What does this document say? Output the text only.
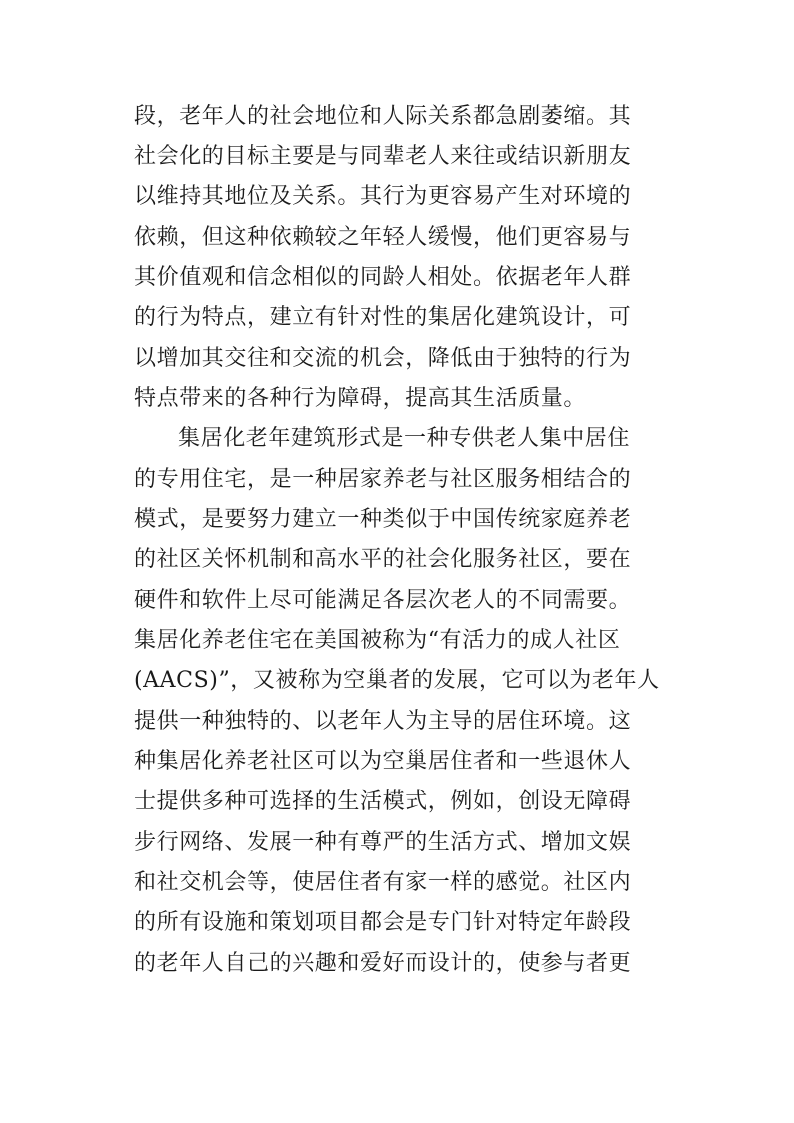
段，老年人的社会地位和人际关系都急剧萎缩。其
社会化的目标主要是与同辈老人来往或结识新朋友
以维持其地位及关系。其行为更容易产生对环境的
依赖，但这种依赖较之年轻人缓慢，他们更容易与
其价值观和信念相似的同龄人相处。依据老年人群
的行为特点，建立有针对性的集居化建筑设计，可
以增加其交往和交流的机会，降低由于独特的行为
特点带来的各种行为障碍，提高其生活质量。
集居化老年建筑形式是一种专供老人集中居住
的专用住宅，是一种居家养老与社区服务相结合的
模式，是要努力建立一种类似于中国传统家庭养老
的社区关怀机制和高水平的社会化服务社区，要在
硬件和软件上尽可能满足各层次老人的不同需要。
集居化养老住宅在美国被称为“有活力的成人社区
(AACS)”，又被称为空巢者的发展，它可以为老年人
提供一种独特的、以老年人为主导的居住环境。这
种集居化养老社区可以为空巢居住者和一些退休人
士提供多种可选择的生活模式，例如，创设无障碍
步行网络、发展一种有尊严的生活方式、增加文娱
和社交机会等，使居住者有家一样的感觉。社区内
的所有设施和策划项目都会是专门针对特定年龄段
的老年人自己的兴趣和爱好而设计的，使参与者更
